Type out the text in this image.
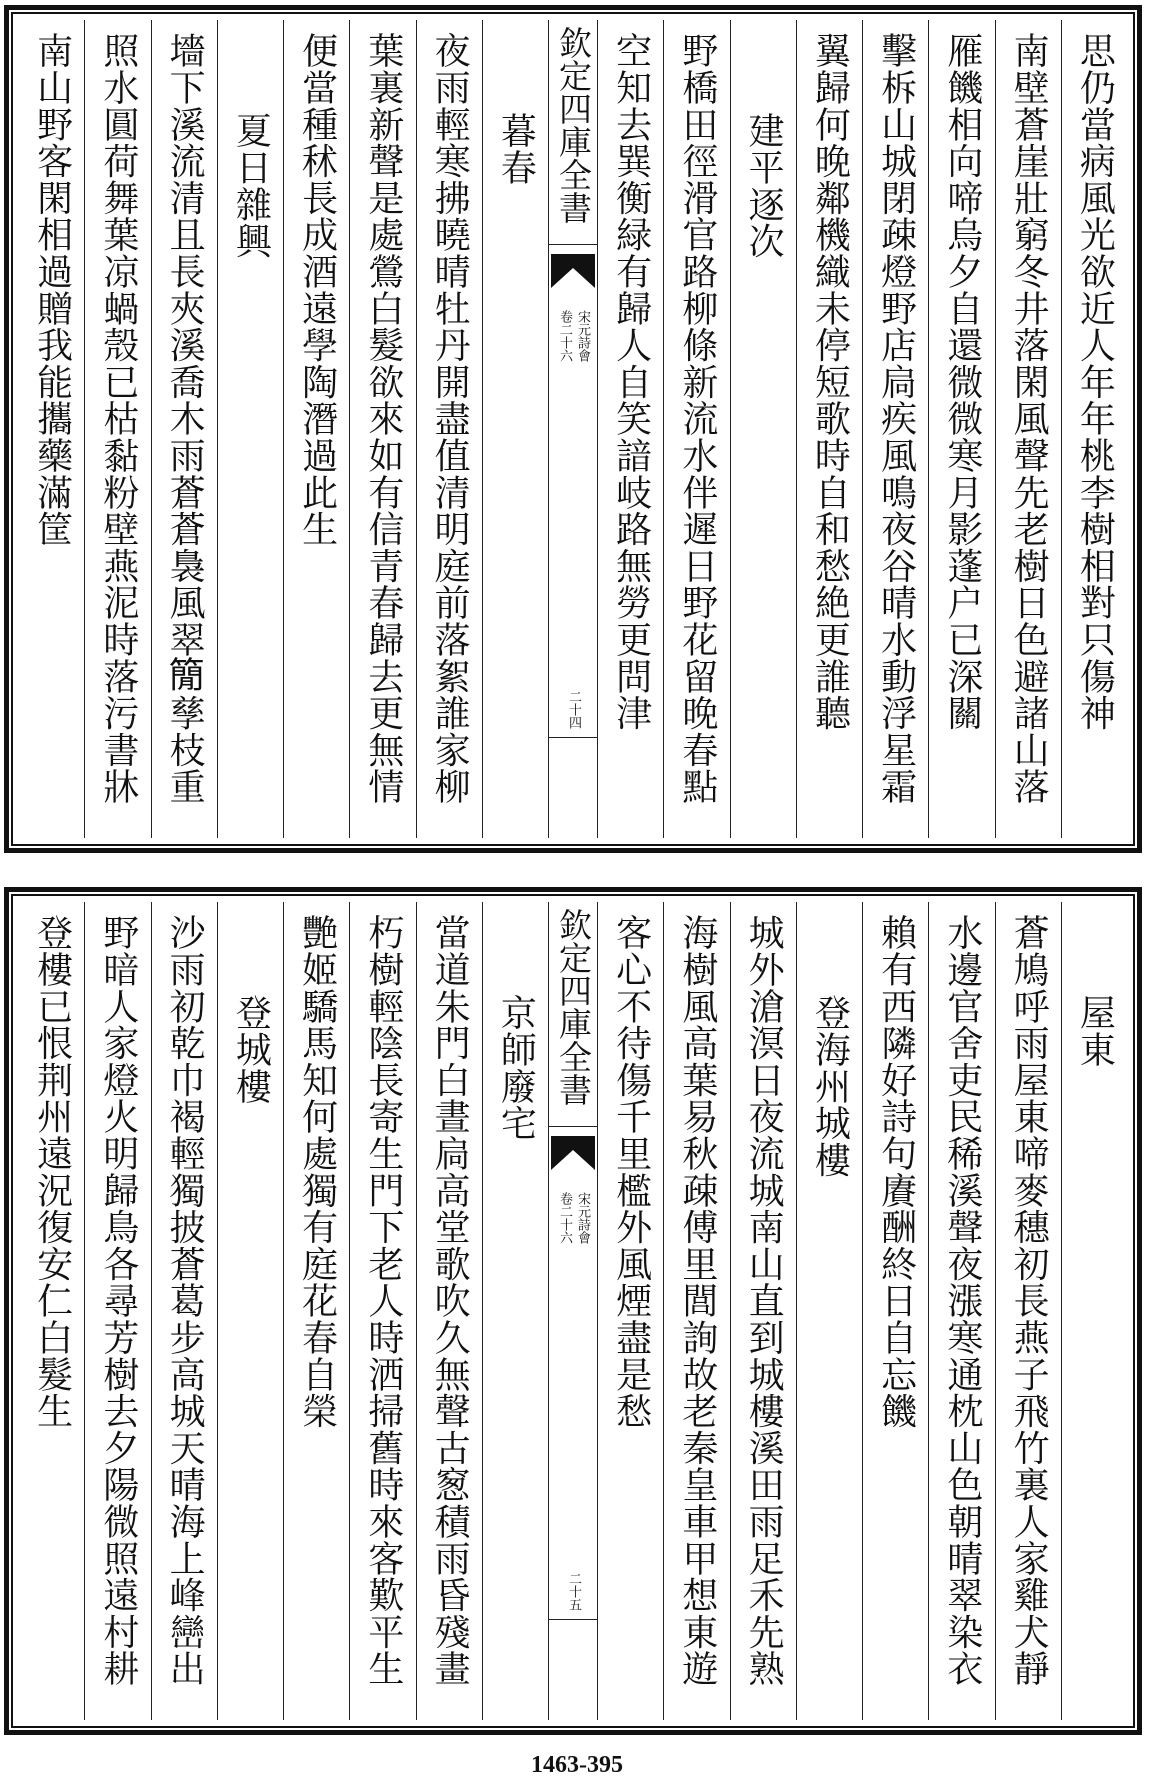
思仍當病風光欲近人年年桃李樹相對只傷神
南壁蒼崖壯窮冬井落閑風聲先老樹日色避諸山落
雁饑相向啼烏夕自還微微寒月影蓬户已深關
擊柝山城閉疎燈野店扃疾風鳴夜谷晴水動浮星霜
翼歸何晚鄰機織未停短歌時自和愁絶更誰聽
建平逐次
野橋田徑滑官路柳條新流水伴遲日野花留晚春點
空知去巽衡緑有歸人自笑諳岐路無勞更問津
欽定四庫全書
宋元詩會
卷二十六
二十四
暮春
夜雨輕寒拂曉晴牡丹開盡值清明庭前落絮誰家柳
葉裏新聲是處鶯白髮欲來如有信青春歸去更無情
便當種秫長成酒遠學陶潛過此生
夏日雜興
墻下溪流清且長夾溪喬木雨蒼蒼裊風翠𥳑孳枝重
照水圓荷舞葉凉蝸殼已枯黏粉壁燕泥時落污書牀
南山野客閑相過贈我能攜藥滿筐
屋東
蒼鳩呼雨屋東啼麥穗初長燕子飛竹裏人家雞犬靜
水邊官舍吏民稀溪聲夜漲寒通枕山色朝晴翠染衣
賴有西隣好詩句賡酬終日自忘饑
登海州城樓
城外滄溟日夜流城南山直到城樓溪田雨足禾先熟
海樹風高葉易秋疎傅里閭詢故老秦皇車甲想東遊
客心不待傷千里檻外風煙盡是愁
欽定四庫全書
宋元詩會
卷二十六
二十五
京師廢宅
當道朱門白晝扃高堂歌吹久無聲古䆫積雨昏殘畫
朽樹輕陰長寄生門下老人時洒掃舊時來客歎平生
艷姬驕馬知何處獨有庭花春自榮
登城樓
沙雨初乾巾褐輕獨披蒼葛步高城天晴海上峰巒出
野暗人家燈火明歸鳥各尋芳樹去夕陽微照遠村耕
登樓已恨荆州遠況復安仁白髮生
1463-395
